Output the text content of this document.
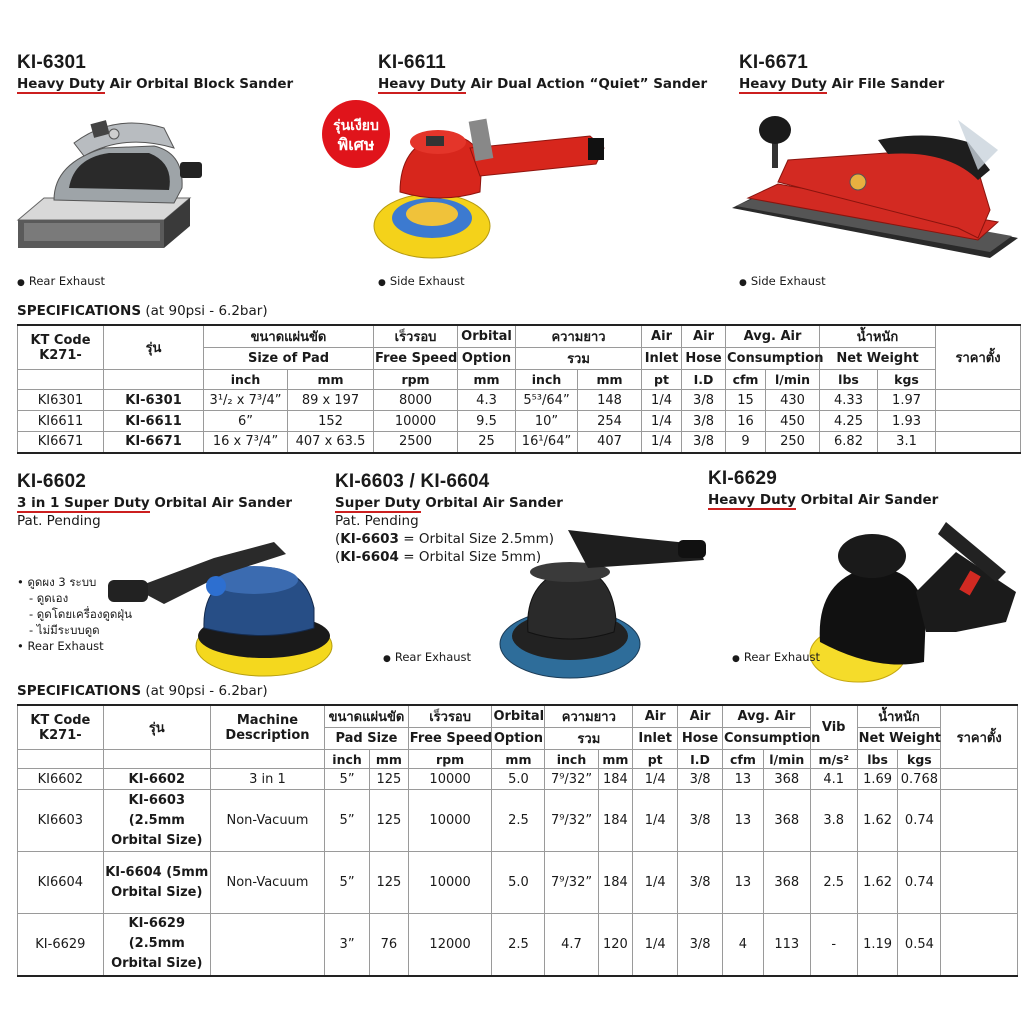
KI-6301
Heavy Duty Air Orbital Block Sander
KI-6611
Heavy Duty Air Dual Action “Quiet” Sander
KI-6671
Heavy Duty Air File Sander
รุ่นเงียบ
พิเศษ
● Rear Exhaust	● Side Exhaust	● Side Exhaust
SPECIFICATIONS (at 90psi - 6.2bar)
KT Code
K271-	รุ่น	ขนาดแผ่นขัด		เร็วรอบ	Orbital	ความยาว		Air	Air	Avg. Air		น้ำหนัก		ราคาตั้ง
		Size of Pad		Free Speed	Option	รวม		Inlet	Hose	Consumption		Net Weight		
		inch	mm	rpm	mm	inch	mm	pt	I.D	cfm	l/min	lbs	kgs	
KI6301	KI-6301	3¹/₂ x 7³/4”	89 x 197	8000	4.3	5⁵³/64”	148	1/4	3/8	15	430	4.33	1.97	
KI6611	KI-6611	6”	152	10000	9.5	10”	254	1/4	3/8	16	450	4.25	1.93	
KI6671	KI-6671	16 x 7³/4”	407 x 63.5	2500	25	16¹/64”	407	1/4	3/8	9	250	6.82	3.1	
KI-6602
3 in 1 Super Duty Orbital Air Sander
Pat. Pending
KI-6603 / KI-6604
Super Duty Orbital Air Sander
Pat. Pending
(KI-6603 = Orbital Size 2.5mm)
(KI-6604 = Orbital Size 5mm)
KI-6629
Heavy Duty Orbital Air Sander
• ดูดผง 3 ระบบ
- ดูดเอง
- ดูดโดยเครื่องดูดฝุ่น
- ไม่มีระบบดูด
• Rear Exhaust
● Rear Exhaust	● Rear Exhaust
SPECIFICATIONS (at 90psi - 6.2bar)
KT Code
K271-	รุ่น	Machine
Description	ขนาดแผ่นขัด		เร็วรอบ	Orbital	ความยาว		Air	Air	Avg. Air		Vib	น้ำหนัก		ราคาตั้ง
			Pad Size		Free Speed	Option	รวม		Inlet	Hose	Consumption			Net Weight		
			inch	mm	rpm	mm	inch	mm	pt	I.D	cfm	l/min	m/s²	lbs	kgs	
KI6602	KI-6602	3 in 1	5”	125	10000	5.0	7⁹/32”	184	1/4	3/8	13	368	4.1	1.69	0.768	
KI6603	KI-6603 (2.5mm Orbital Size)	Non-Vacuum	5”	125	10000	2.5	7⁹/32”	184	1/4	3/8	13	368	3.8	1.62	0.74	
KI6604	KI-6604 (5mm Orbital Size)	Non-Vacuum	5”	125	10000	5.0	7⁹/32”	184	1/4	3/8	13	368	2.5	1.62	0.74	
KI-6629	KI-6629 (2.5mm Orbital Size)		3”	76	12000	2.5	4.7	120	1/4	3/8	4	113	-	1.19	0.54	
